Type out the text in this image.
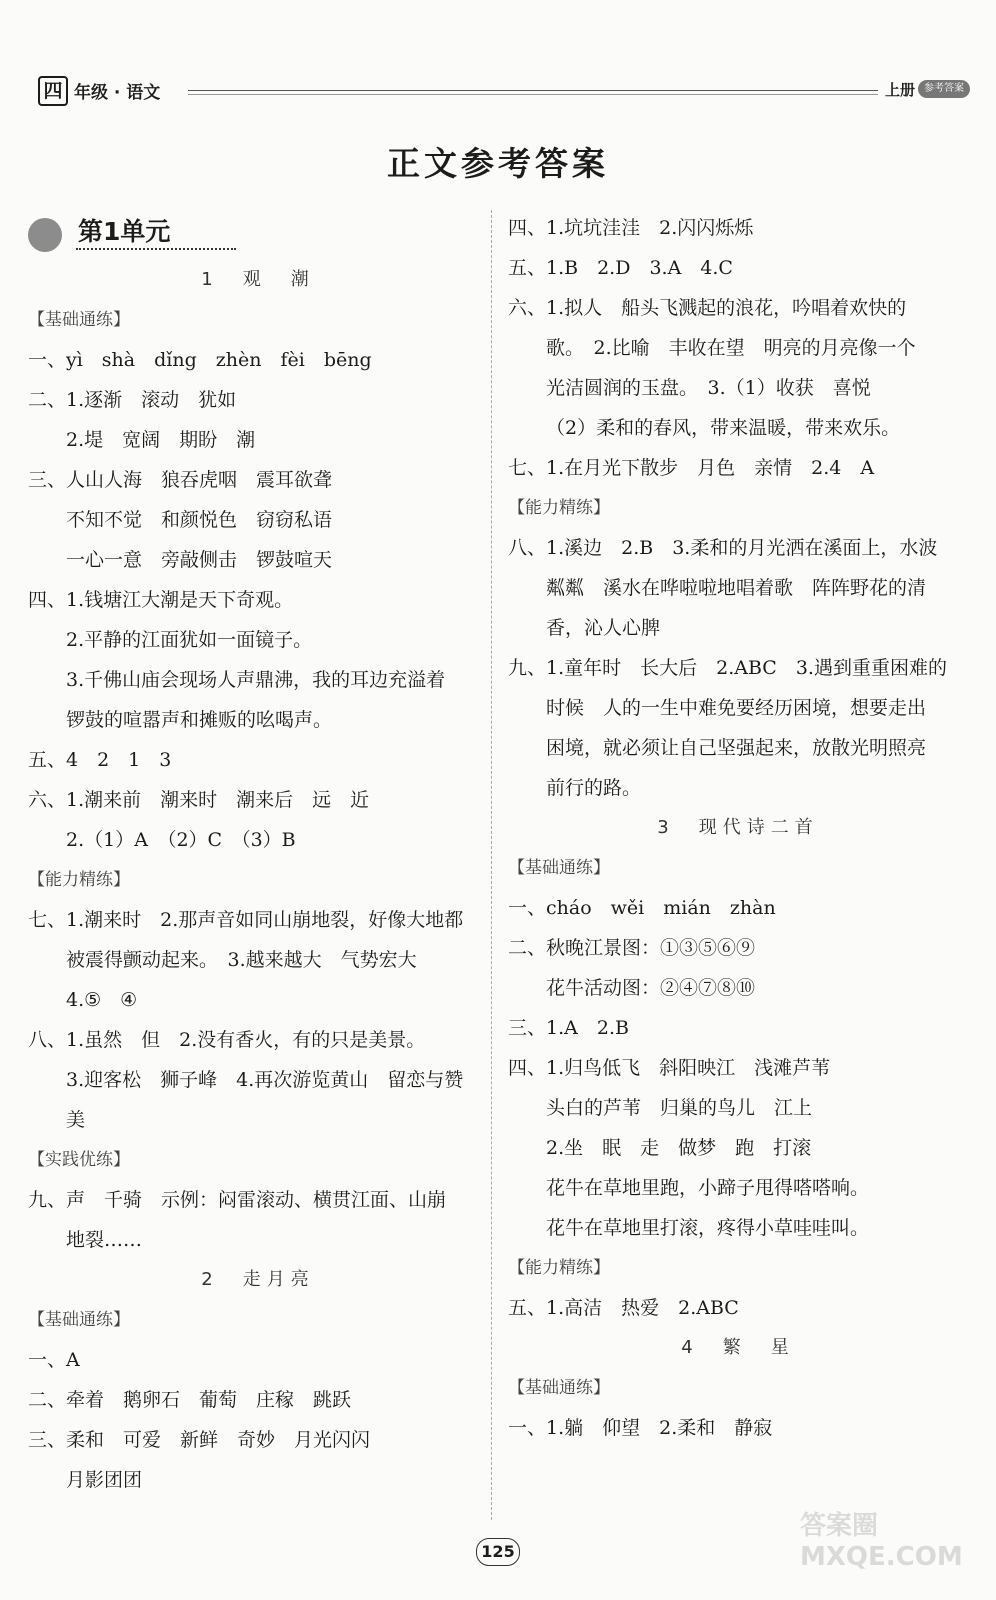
四 年级 · 语文	上册 参考答案
正文参考答案
第1单元
1　观　潮
【基础通练】
一、yì　shà　dǐng　zhèn　fèi　bēng
二、1.逐渐　滚动　犹如
2.堤　宽阔　期盼　潮
三、人山人海　狼吞虎咽　震耳欲聋
不知不觉　和颜悦色　窃窃私语
一心一意　旁敲侧击　锣鼓喧天
四、1.钱塘江大潮是天下奇观。
2.平静的江面犹如一面镜子。
3.千佛山庙会现场人声鼎沸，我的耳边充溢着
锣鼓的喧嚣声和摊贩的吆喝声。
五、4　2　1　3
六、1.潮来前　潮来时　潮来后　远　近
2.（1）A　（2）C　（3）B
【能力精练】
七、1.潮来时　2.那声音如同山崩地裂，好像大地都
被震得颤动起来。　3.越来越大　气势宏大
4.⑤　④
八、1.虽然　但　2.没有香火，有的只是美景。
3.迎客松　狮子峰　4.再次游览黄山　留恋与赞
美
【实践优练】
九、声　千骑　示例：闷雷滚动、横贯江面、山崩
地裂……
2　走月亮
【基础通练】
一、A
二、牵着　鹅卵石　葡萄　庄稼　跳跃
三、柔和　可爱　新鲜　奇妙　月光闪闪
月影团团
四、1.坑坑洼洼　2.闪闪烁烁
五、1.B　2.D　3.A　4.C
六、1.拟人　船头飞溅起的浪花，吟唱着欢快的
歌。　2.比喻　丰收在望　明亮的月亮像一个
光洁圆润的玉盘。　3.（1）收获　喜悦
（2）柔和的春风，带来温暖，带来欢乐。
七、1.在月光下散步　月色　亲情　2.4　A
【能力精练】
八、1.溪边　2.B　3.柔和的月光洒在溪面上，水波
粼粼　溪水在哗啦啦地唱着歌　阵阵野花的清
香，沁人心脾
九、1.童年时　长大后　2.ABC　3.遇到重重困难的
时候　人的一生中难免要经历困境，想要走出
困境，就必须让自己坚强起来，放散光明照亮
前行的路。
3　现代诗二首
【基础通练】
一、cháo　wěi　mián　zhàn
二、秋晚江景图：①③⑤⑥⑨
花牛活动图：②④⑦⑧⑩
三、1.A　2.B
四、1.归鸟低飞　斜阳映江　浅滩芦苇
头白的芦苇　归巢的鸟儿　江上
2.坐　眠　走　做梦　跑　打滚
花牛在草地里跑，小蹄子甩得嗒嗒响。
花牛在草地里打滚，疼得小草哇哇叫。
【能力精练】
五、1.高洁　热爱　2.ABC
4　繁　星
【基础通练】
一、1.躺　仰望　2.柔和　静寂
125
答案圈 MXQE.COM
